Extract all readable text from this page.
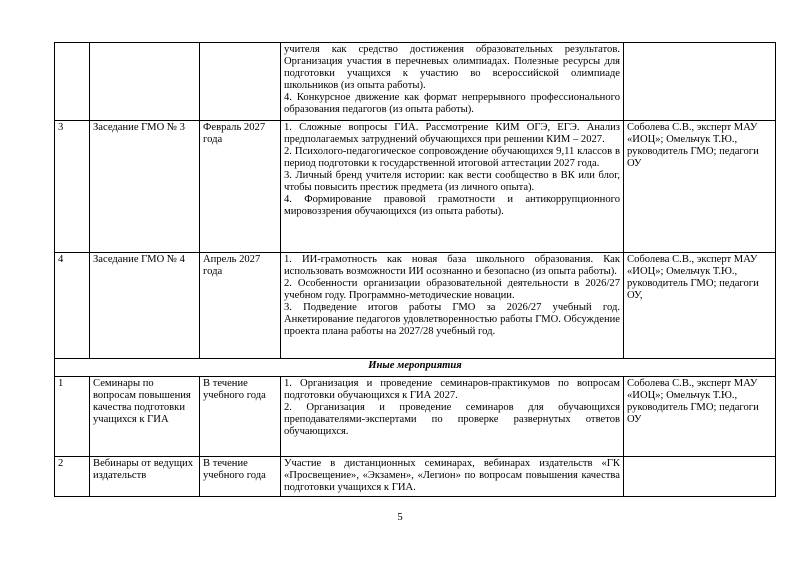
			учителя как средство достижения образовательных результатов. Организация участия в перечневых олимпиадах. Полезные ресурсы для подготовки учащихся к участию во всероссийской олимпиаде школьников (из опыта работы).
4. Конкурсное движение как формат непрерывного профессионального образования педагогов (из опыта работы).	

3	Заседание ГМО № 3	Февраль 2027 года	1. Сложные вопросы ГИА. Рассмотрение КИМ ОГЭ, ЕГЭ. Анализ предполагаемых затруднений обучающихся при решении КИМ – 2027.
2. Психолого-педагогическое сопровождение обучающихся 9,11 классов в период подготовки к государственной итоговой аттестации 2027 года.
3. Личный бренд учителя истории: как вести сообщество в ВК или блог, чтобы повысить престиж предмета (из личного опыта).
4. Формирование правовой грамотности и антикоррупционного мировоззрения обучающихся (из опыта работы).	Соболева С.В., эксперт МАУ «ИОЦ»; Омельчук Т.Ю., руководитель ГМО; педагоги ОУ
4	Заседание ГМО № 4	Апрель 2027 года	1. ИИ-грамотность как новая база школьного образования. Как использовать возможности ИИ осознанно и безопасно (из опыта работы).
2. Особенности организации образовательной деятельности в 2026/27 учебном году. Программно-методические новации.
3. Подведение итогов работы ГМО за 2026/27 учебный год. Анкетирование педагогов удовлетворенностью работы ГМО. Обсуждение проекта плана работы на 2027/28 учебный год.	Соболева С.В., эксперт МАУ «ИОЦ»; Омельчук Т.Ю., руководитель ГМО; педагоги ОУ,
Иные мероприятия				
1	Семинары по вопросам повышения качества подготовки учащихся к ГИА	В течение учебного года	1. Организация и проведение семинаров-практикумов по вопросам подготовки обучающихся к ГИА 2027.
2. Организация и проведение семинаров для обучающихся преподавателями-экспертами по проверке развернутых ответов обучающихся.	Соболева С.В., эксперт МАУ «ИОЦ»; Омельчук Т.Ю., руководитель ГМО; педагоги ОУ
2	Вебинары от ведущих издательств	В течение учебного года	Участие в дистанционных семинарах, вебинарах издательств «ГК «Просвещение», «Экзамен», «Легион» по вопросам повышения качества подготовки учащихся к ГИА.	

5
